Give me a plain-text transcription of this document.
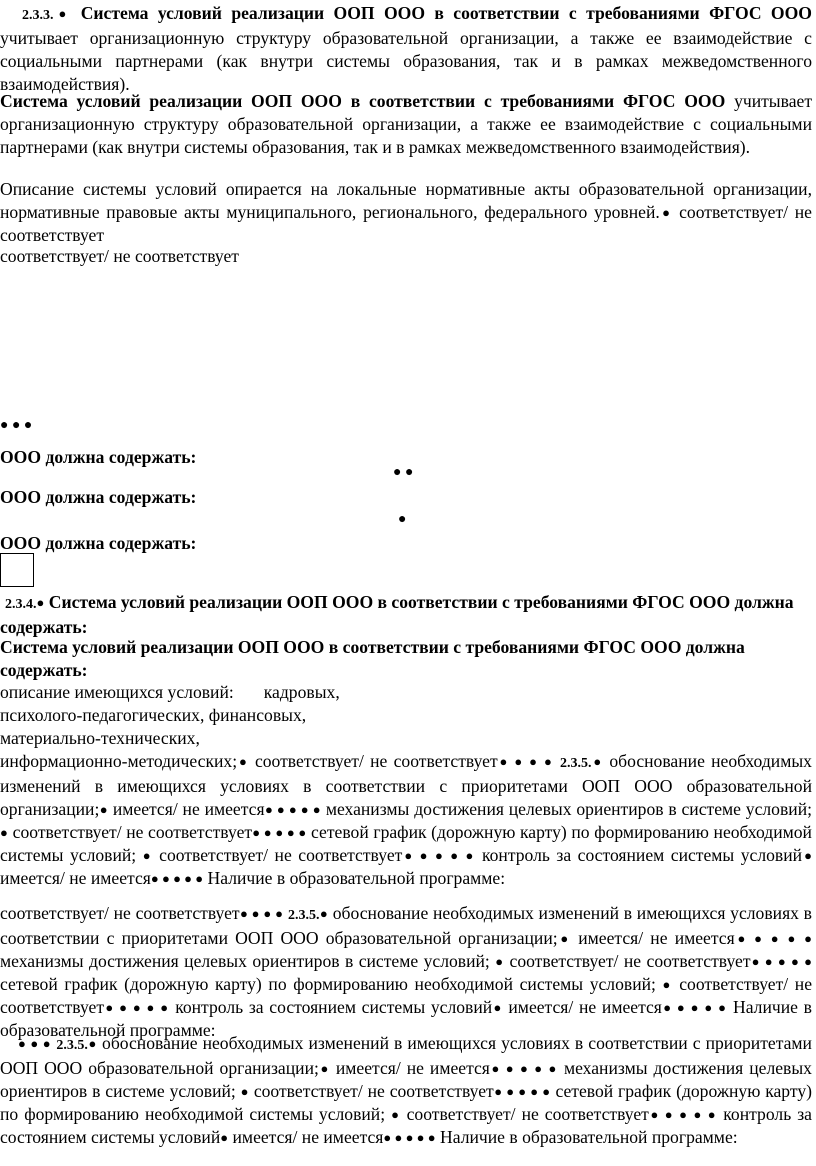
2.3.3.● Система условий реализации ООП ООО в соответствии с требованиями ФГОС ООО учитывает организационную структуру образовательной организации, а также ее взаимодействие с социальными партнерами (как внутри системы образования, так и в рамках межведомственного взаимодействия).
Система условий реализации ООП ООО в соответствии с требованиями ФГОС ООО учитывает организационную структуру образовательной организации, а также ее взаимодействие с социальными партнерами (как внутри системы образования, так и в рамках межведомственного взаимодействия).
Описание системы условий опирается на локальные нормативные акты образовательной организации, нормативные правовые акты муниципального, регионального, федерального уровней.● соответствует/ не соответствует
соответствует/ не соответствует
● ● ●
ООО должна содержать:
● ●
ООО должна содержать:
●
ООО должна содержать:
2.3.4.● Система условий реализации ООП ООО в соответствии с требованиями ФГОС ООО должна содержать:
Система условий реализации ООП ООО в соответствии с требованиями ФГОС ООО должна содержать:
описание имеющихся условий: кадровых,
психолого-педагогических, финансовых,
материально-технических,
информационно-методических;● соответствует/ не соответствует● ● ● ● 2.3.5.● обоснование необходимых изменений в имеющихся условиях в соответствии с приоритетами ООП ООО образовательной организации;● имеется/ не имеется● ● ● ● ● механизмы достижения целевых ориентиров в системе условий; ● соответствует/ не соответствует● ● ● ● ● сетевой график (дорожную карту) по формированию необходимой системы условий; ● соответствует/ не соответствует● ● ● ● ● контроль за состоянием системы условий● имеется/ не имеется● ● ● ● ● Наличие в образовательной программе:
соответствует/ не соответствует● ● ● ● 2.3.5.● обоснование необходимых изменений в имеющихся условиях в соответствии с приоритетами ООП ООО образовательной организации;● имеется/ не имеется● ● ● ● ● механизмы достижения целевых ориентиров в системе условий; ● соответствует/ не соответствует● ● ● ● ● сетевой график (дорожную карту) по формированию необходимой системы условий; ● соответствует/ не соответствует● ● ● ● ● контроль за состоянием системы условий● имеется/ не имеется● ● ● ● ● Наличие в образовательной программе:
● ● ● 2.3.5.● обоснование необходимых изменений в имеющихся условиях в соответствии с приоритетами ООП ООО образовательной организации;● имеется/ не имеется● ● ● ● ● механизмы достижения целевых ориентиров в системе условий; ● соответствует/ не соответствует● ● ● ● ● сетевой график (дорожную карту) по формированию необходимой системы условий; ● соответствует/ не соответствует● ● ● ● ● контроль за состоянием системы условий● имеется/ не имеется● ● ● ● ● Наличие в образовательной программе:
